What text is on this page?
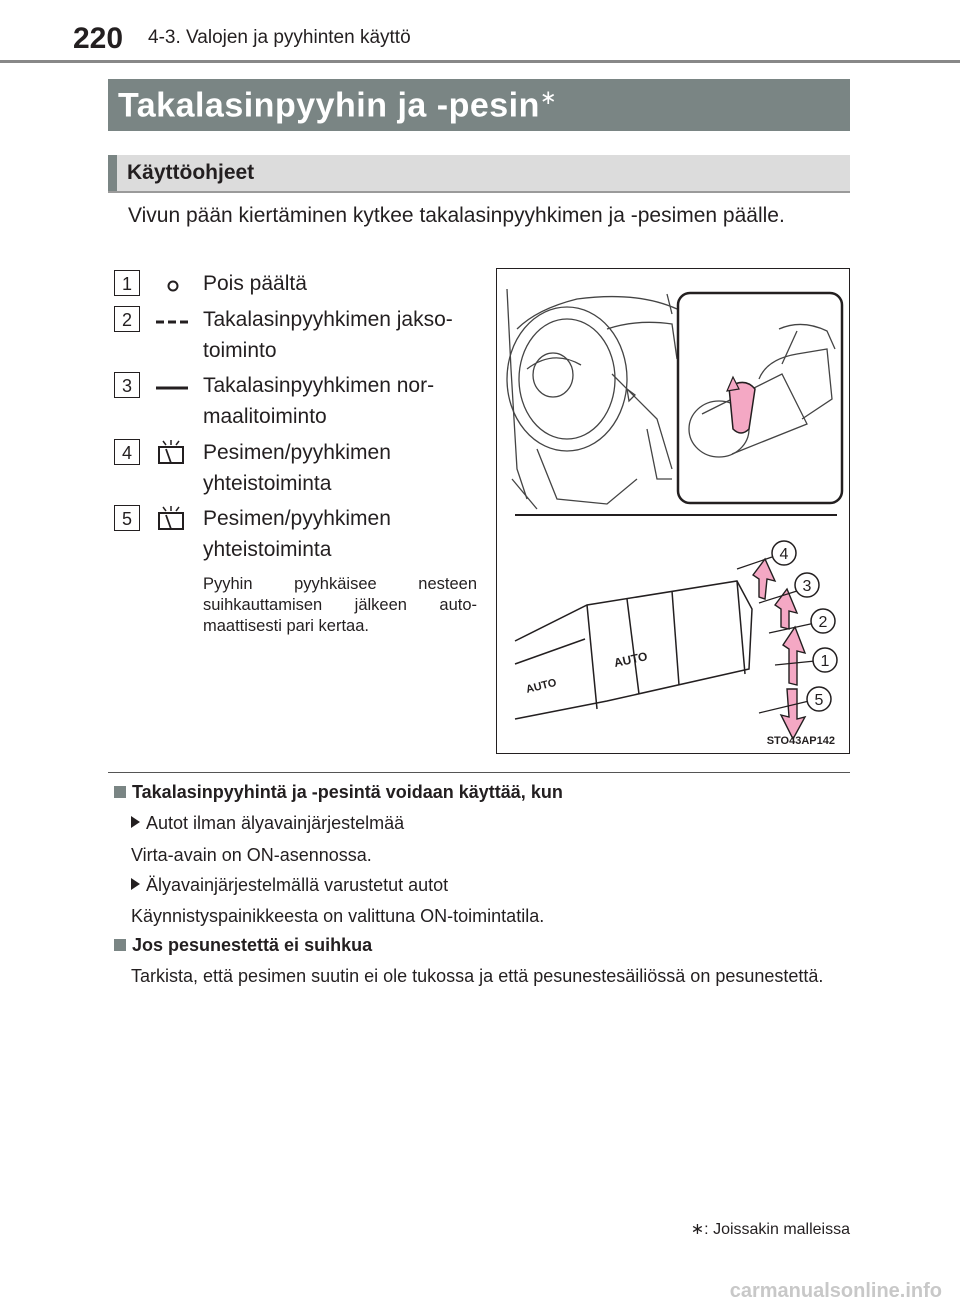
220 4-3. Valojen ja pyyhinten käyttö
Takalasinpyyhin ja -pesin∗
Käyttöohjeet
Vivun pään kiertäminen kytkee takalasinpyyhkimen ja -pesimen päälle.
1	Pois päältä
2	Takalasinpyyhkimen jakso-toiminto
3	Takalasinpyyhkimen nor-maalitoiminto
4	Pesimen/pyyhkimen yhteistoiminta
5	Pesimen/pyyhkimen yhteistoiminta
Pyyhin pyyhkäisee nesteen suihkauttamisen jälkeen auto-maattisesti pari kertaa.
AUTO
AUTO
4
3
2
1
5
STO43AP142
Takalasinpyyhintä ja -pesintä voidaan käyttää, kun
Autot ilman älyavainjärjestelmää
Virta-avain on ON-asennossa.
Älyavainjärjestelmällä varustetut autot
Käynnistyspainikkeesta on valittuna ON-toimintatila.
Jos pesunestettä ei suihkua
Tarkista, että pesimen suutin ei ole tukossa ja että pesunestesäiliössä on pesunestettä.
∗: Joissakin malleissa
carmanualsonline.info
